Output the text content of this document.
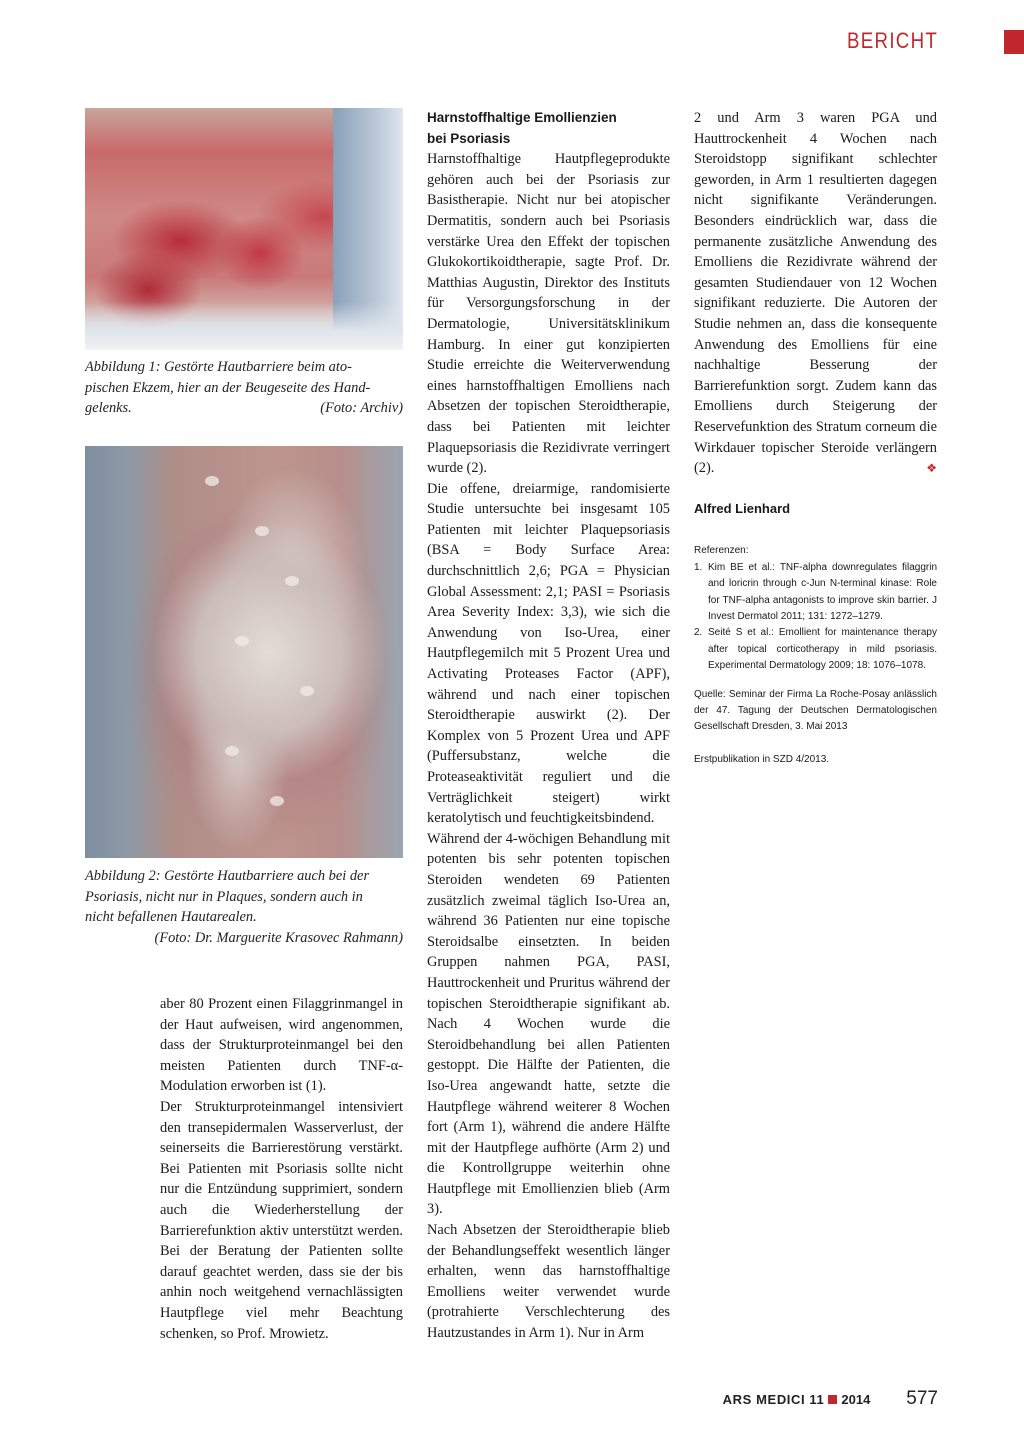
BERICHT
Abbildung 1: Gestörte Hautbarriere beim ato-
pischen Ekzem, hier an der Beugeseite des Hand-
gelenks.	(Foto: Archiv)
Abbildung 2: Gestörte Hautbarriere auch bei der
Psoriasis, nicht nur in Plaques, sondern auch in
nicht befallenen Hautarealen.
(Foto: Dr. Marguerite Krasovec Rahmann)

aber 80 Prozent einen Filaggrinmangel in der Haut aufweisen, wird angenommen, dass der Strukturproteinmangel bei den meisten Patienten durch TNF-α-Modulation erworben ist (1).

Der Strukturproteinmangel intensiviert den transepidermalen Wasserverlust, der seinerseits die Barrierestörung verstärkt. Bei Patienten mit Psoriasis sollte nicht nur die Entzündung supprimiert, sondern auch die Wiederherstellung der Barrierefunktion aktiv unterstützt werden. Bei der Beratung der Patienten sollte darauf geachtet werden, dass sie der bis anhin noch weitgehend vernachlässigten Hautpflege viel mehr Beachtung schenken, so Prof. Mrowietz.

Harnstoffhaltige Emollienzien
bei Psoriasis

Harnstoffhaltige Hautpflegeprodukte gehören auch bei der Psoriasis zur Basistherapie. Nicht nur bei atopischer Dermatitis, sondern auch bei Psoriasis verstärke Urea den Effekt der topischen Glukokortikoidtherapie, sagte Prof. Dr. Matthias Augustin, Direktor des Instituts für Versorgungsforschung in der Dermatologie, Universitätsklinikum Hamburg. In einer gut konzipierten Studie erreichte die Weiterverwendung eines harnstoffhaltigen Emolliens nach Absetzen der topischen Steroidtherapie, dass bei Patienten mit leichter Plaquepsoriasis die Rezidivrate verringert wurde (2).

Die offene, dreiarmige, randomisierte Studie untersuchte bei insgesamt 105 Patienten mit leichter Plaquepsoriasis (BSA = Body Surface Area: durchschnittlich 2,6; PGA = Physician Global Assessment: 2,1; PASI = Psoriasis Area Severity Index: 3,3), wie sich die Anwendung von Iso-Urea, einer Hautpflegemilch mit 5 Prozent Urea und Activating Proteases Factor (APF), während und nach einer topischen Steroidtherapie auswirkt (2). Der Komplex von 5 Prozent Urea und APF (Puffersubstanz, welche die Proteaseaktivität reguliert und die Verträglichkeit steigert) wirkt keratolytisch und feuchtigkeitsbindend.

Während der 4-wöchigen Behandlung mit potenten bis sehr potenten topischen Steroiden wendeten 69 Patienten zusätzlich zweimal täglich Iso-Urea an, während 36 Patienten nur eine topische Steroidsalbe einsetzten. In beiden Gruppen nahmen PGA, PASI, Hauttrockenheit und Pruritus während der topischen Steroidtherapie signifikant ab. Nach 4 Wochen wurde die Steroidbehandlung bei allen Patienten gestoppt. Die Hälfte der Patienten, die Iso-Urea angewandt hatte, setzte die Hautpflege während weiterer 8 Wochen fort (Arm 1), während die andere Hälfte mit der Hautpflege aufhörte (Arm 2) und die Kontrollgruppe weiterhin ohne Hautpflege mit Emollienzien blieb (Arm 3).

Nach Absetzen der Steroidtherapie blieb der Behandlungseffekt wesentlich länger erhalten, wenn das harnstoffhaltige Emolliens weiter verwendet wurde (protrahierte Verschlechterung des Hautzustandes in Arm 1). Nur in Arm

2 und Arm 3 waren PGA und Hauttrockenheit 4 Wochen nach Steroidstopp signifikant schlechter geworden, in Arm 1 resultierten dagegen nicht signifikante Veränderungen. Besonders eindrücklich war, dass die permanente zusätzliche Anwendung des Emolliens die Rezidivrate während der gesamten Studiendauer von 12 Wochen signifikant reduzierte. Die Autoren der Studie nehmen an, dass die konsequente Anwendung des Emolliens für eine nachhaltige Besserung der Barrierefunktion sorgt. Zudem kann das Emolliens durch Steigerung der Reservefunktion des Stratum corneum die Wirkdauer topischer Steroide verlängern (2).	❖

Alfred Lienhard
Referenzen:
1. Kim BE et al.: TNF-alpha downregulates filaggrin and loricrin through c-Jun N-terminal kinase: Role for TNF-alpha antagonists to improve skin barrier. J Invest Dermatol 2011; 131: 1272–1279.
2. Seité S et al.: Emollient for maintenance therapy after topical corticotherapy in mild psoriasis. Experimental Dermatology 2009; 18: 1076–1078.
Quelle: Seminar der Firma La Roche-Posay anlässlich der 47. Tagung der Deutschen Dermatologischen Gesellschaft Dresden, 3. Mai 2013
Erstpublikation in SZD 4/2013.
ARS MEDICI 11 2014 577
